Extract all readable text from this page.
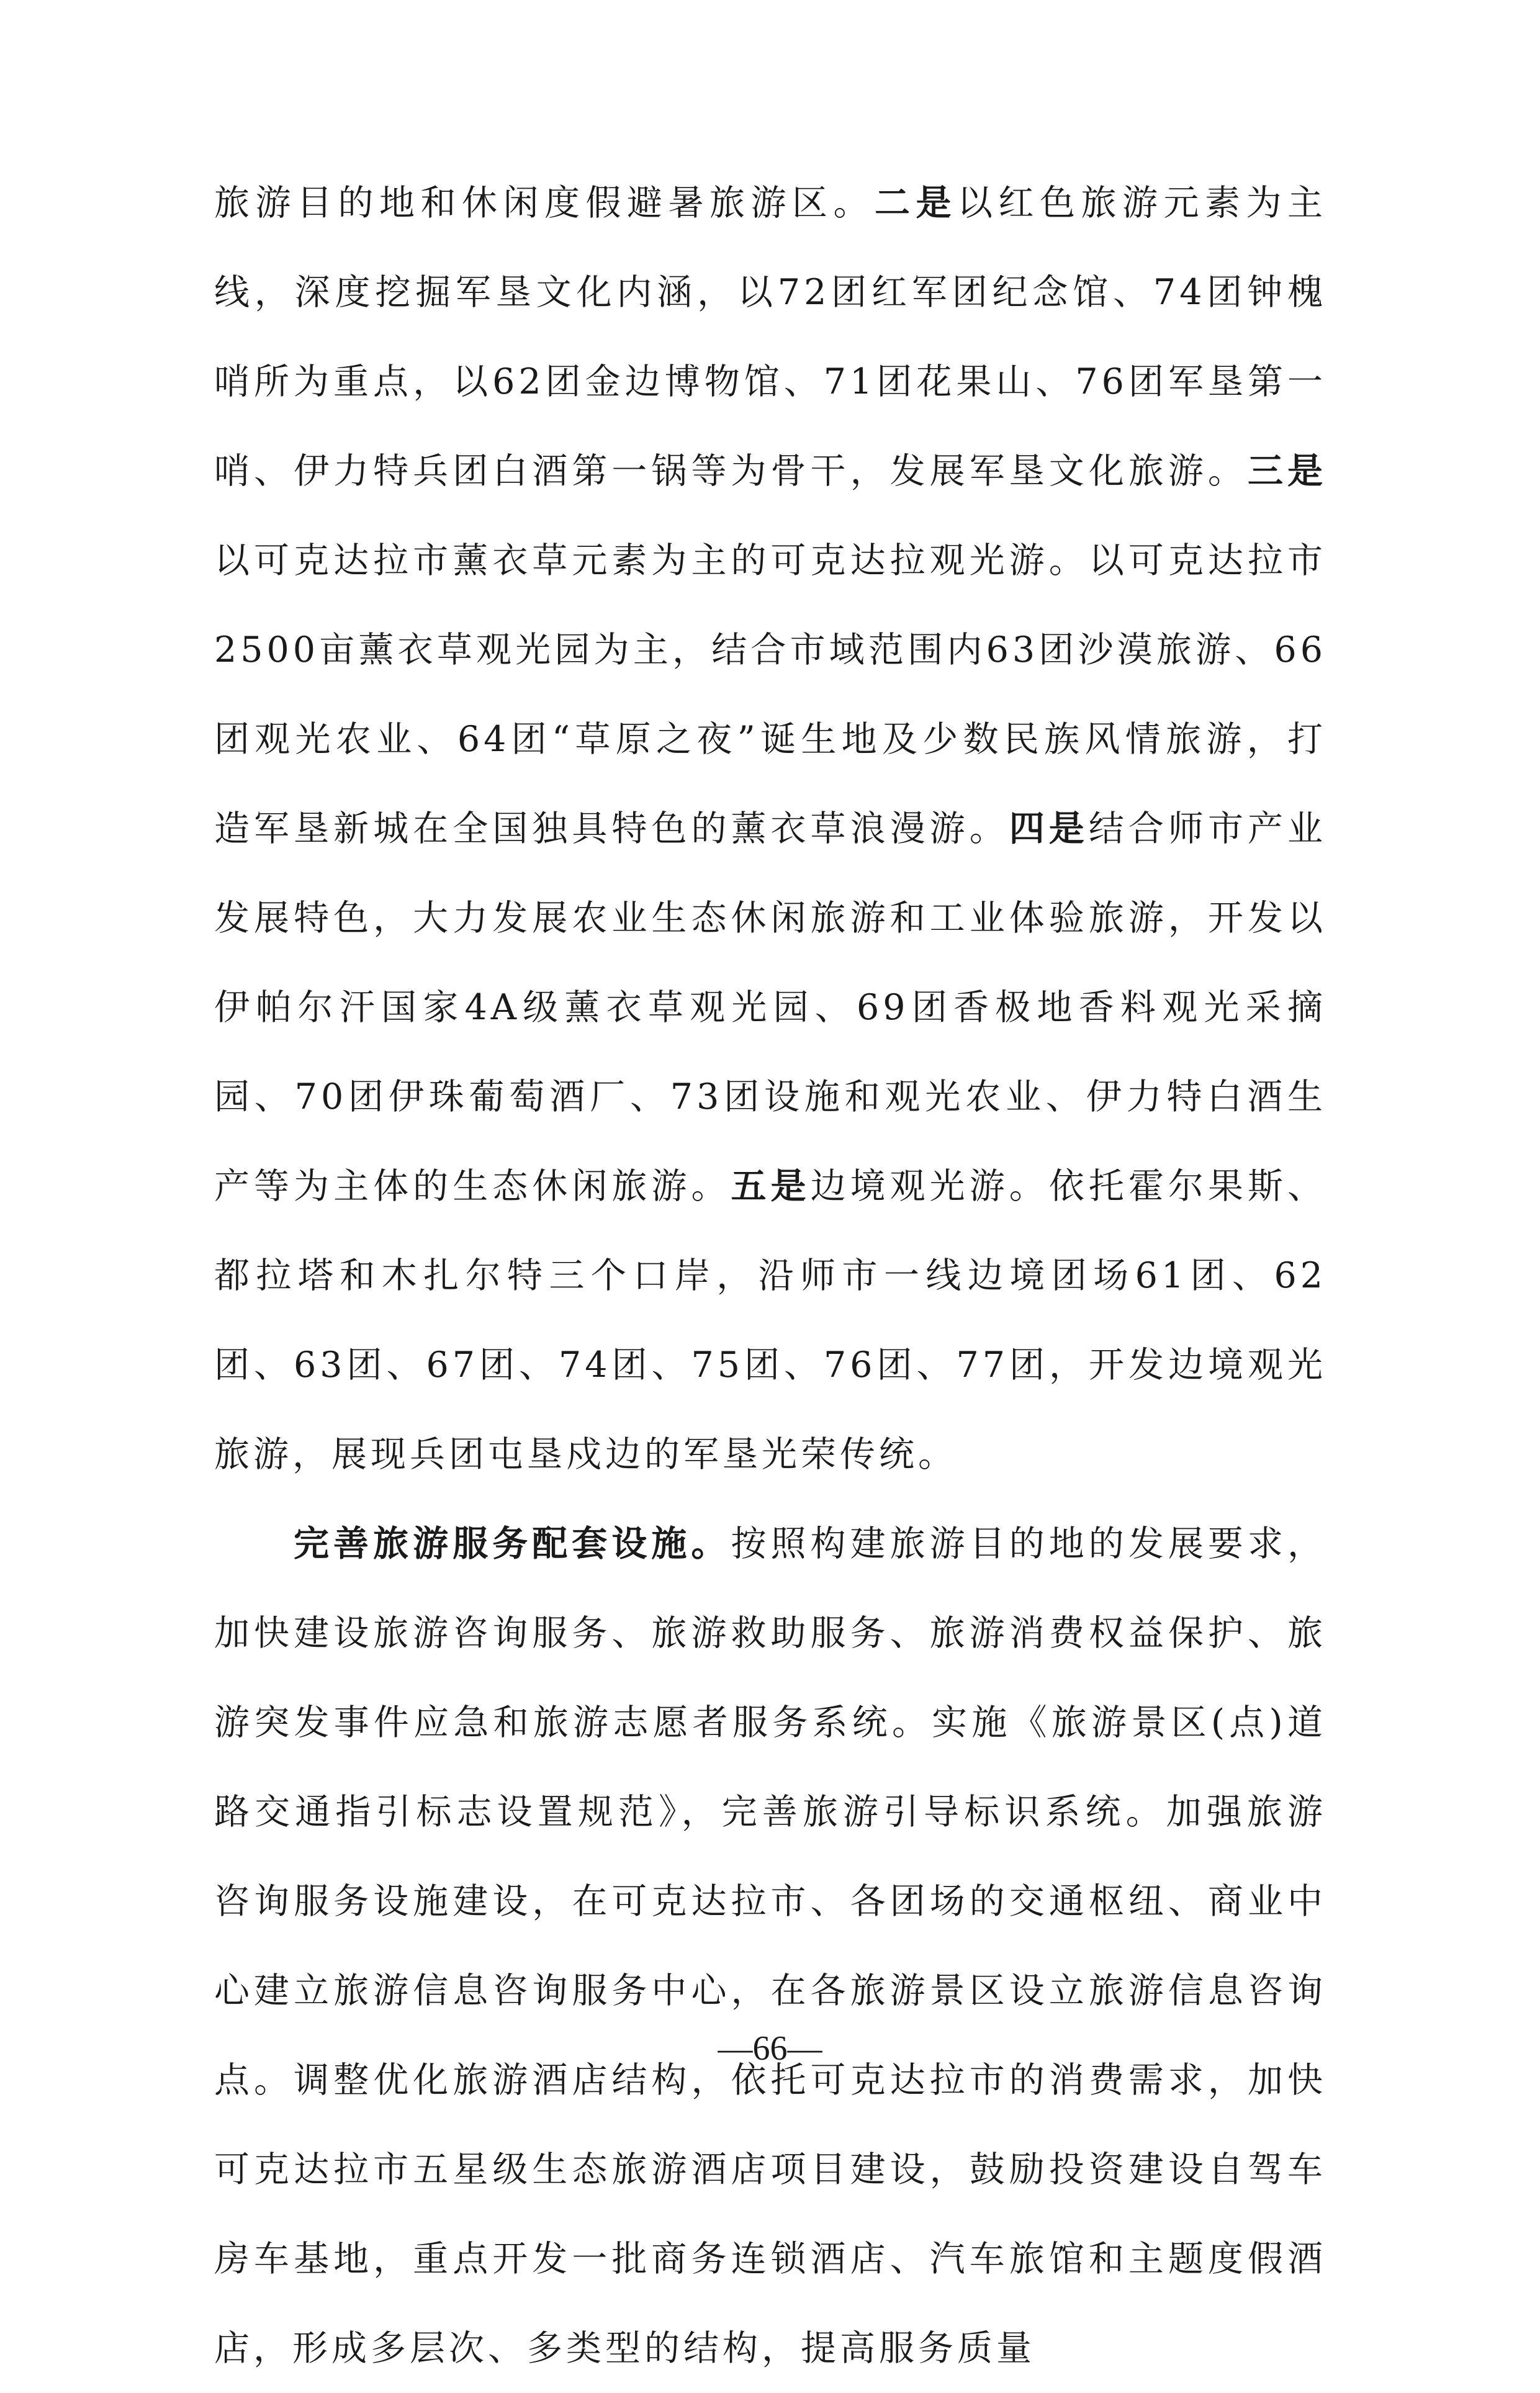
旅游目的地和休闲度假避暑旅游区。二是以红色旅游元素为主线，深度挖掘军垦文化内涵，以72团红军团纪念馆、74团钟槐哨所为重点，以62团金边博物馆、71团花果山、76团军垦第一哨、伊力特兵团白酒第一锅等为骨干，发展军垦文化旅游。三是以可克达拉市薰衣草元素为主的可克达拉观光游。以可克达拉市2500亩薰衣草观光园为主，结合市域范围内63团沙漠旅游、66团观光农业、64团“草原之夜”诞生地及少数民族风情旅游，打造军垦新城在全国独具特色的薰衣草浪漫游。四是结合师市产业发展特色，大力发展农业生态休闲旅游和工业体验旅游，开发以伊帕尔汗国家4A级薰衣草观光园、69团香极地香料观光采摘园、70团伊珠葡萄酒厂、73团设施和观光农业、伊力特白酒生产等为主体的生态休闲旅游。五是边境观光游。依托霍尔果斯、都拉塔和木扎尔特三个口岸，沿师市一线边境团场61团、62团、63团、67团、74团、75团、76团、77团，开发边境观光旅游，展现兵团屯垦戍边的军垦光荣传统。

完善旅游服务配套设施。按照构建旅游目的地的发展要求，加快建设旅游咨询服务、旅游救助服务、旅游消费权益保护、旅游突发事件应急和旅游志愿者服务系统。实施《旅游景区(点)道路交通指引标志设置规范》，完善旅游引导标识系统。加强旅游咨询服务设施建设，在可克达拉市、各团场的交通枢纽、商业中心建立旅游信息咨询服务中心，在各旅游景区设立旅游信息咨询点。调整优化旅游酒店结构，依托可克达拉市的消费需求，加快可克达拉市五星级生态旅游酒店项目建设，鼓励投资建设自驾车房车基地，重点开发一批商务连锁酒店、汽车旅馆和主题度假酒店，形成多层次、多类型的结构，提高服务质量

—66—
